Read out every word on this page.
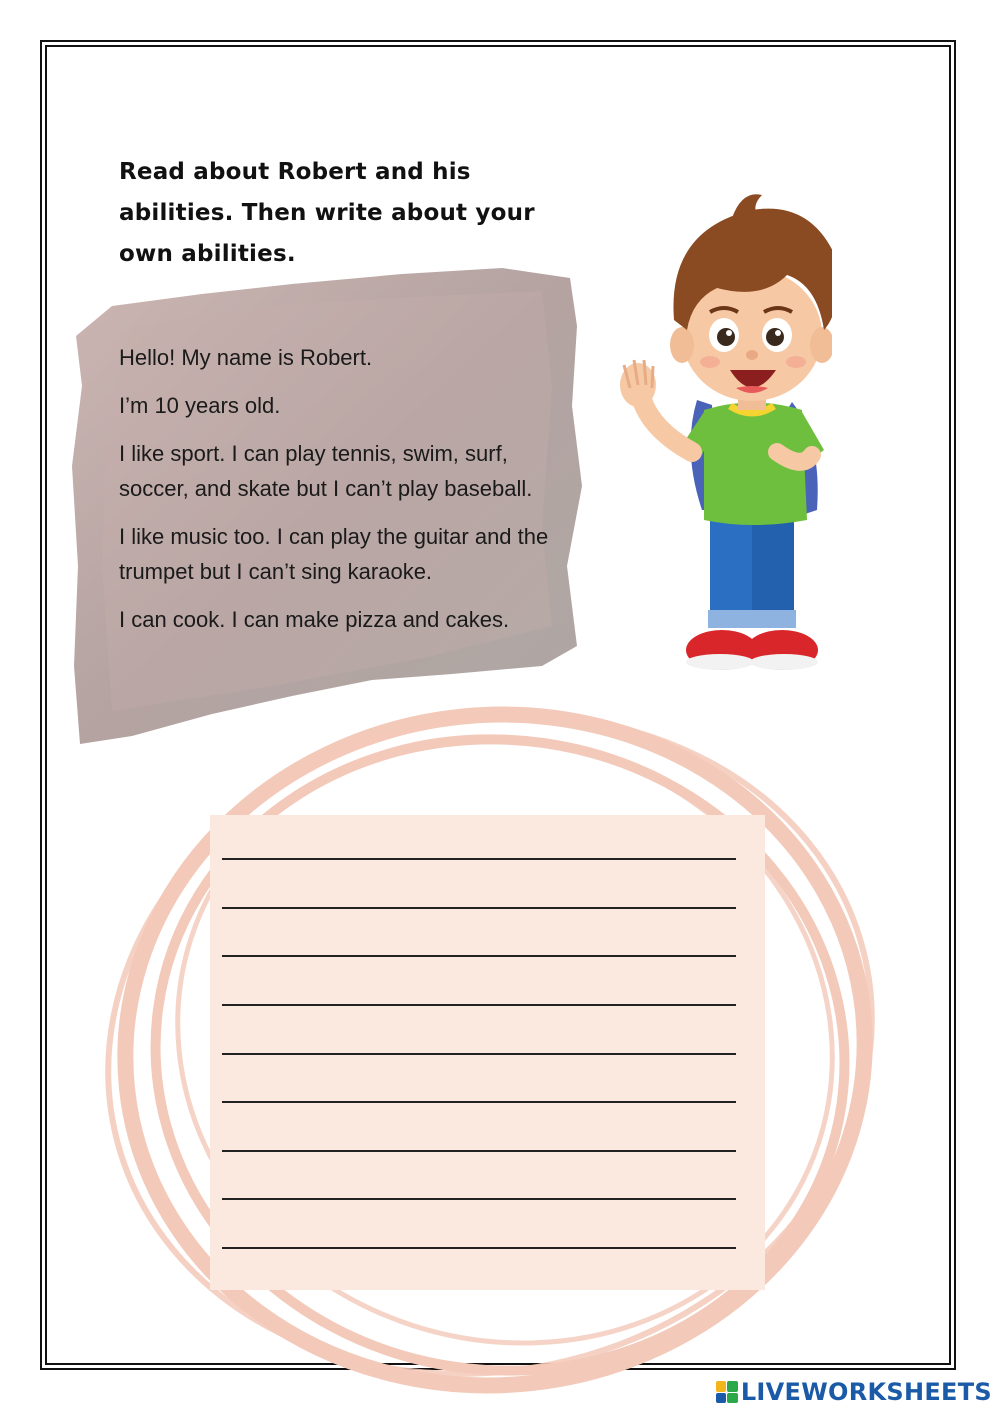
Read about Robert and his
abilities. Then write about your
own abilities.

Hello! My name is Robert.

I’m 10 years old.

I like sport. I can play tennis, swim, surf,
soccer, and skate but I can’t play baseball.

I like music too. I can play the guitar and the
trumpet but I can’t sing karaoke.

I can cook. I can make pizza and cakes.

LIVEWORKSHEETS
